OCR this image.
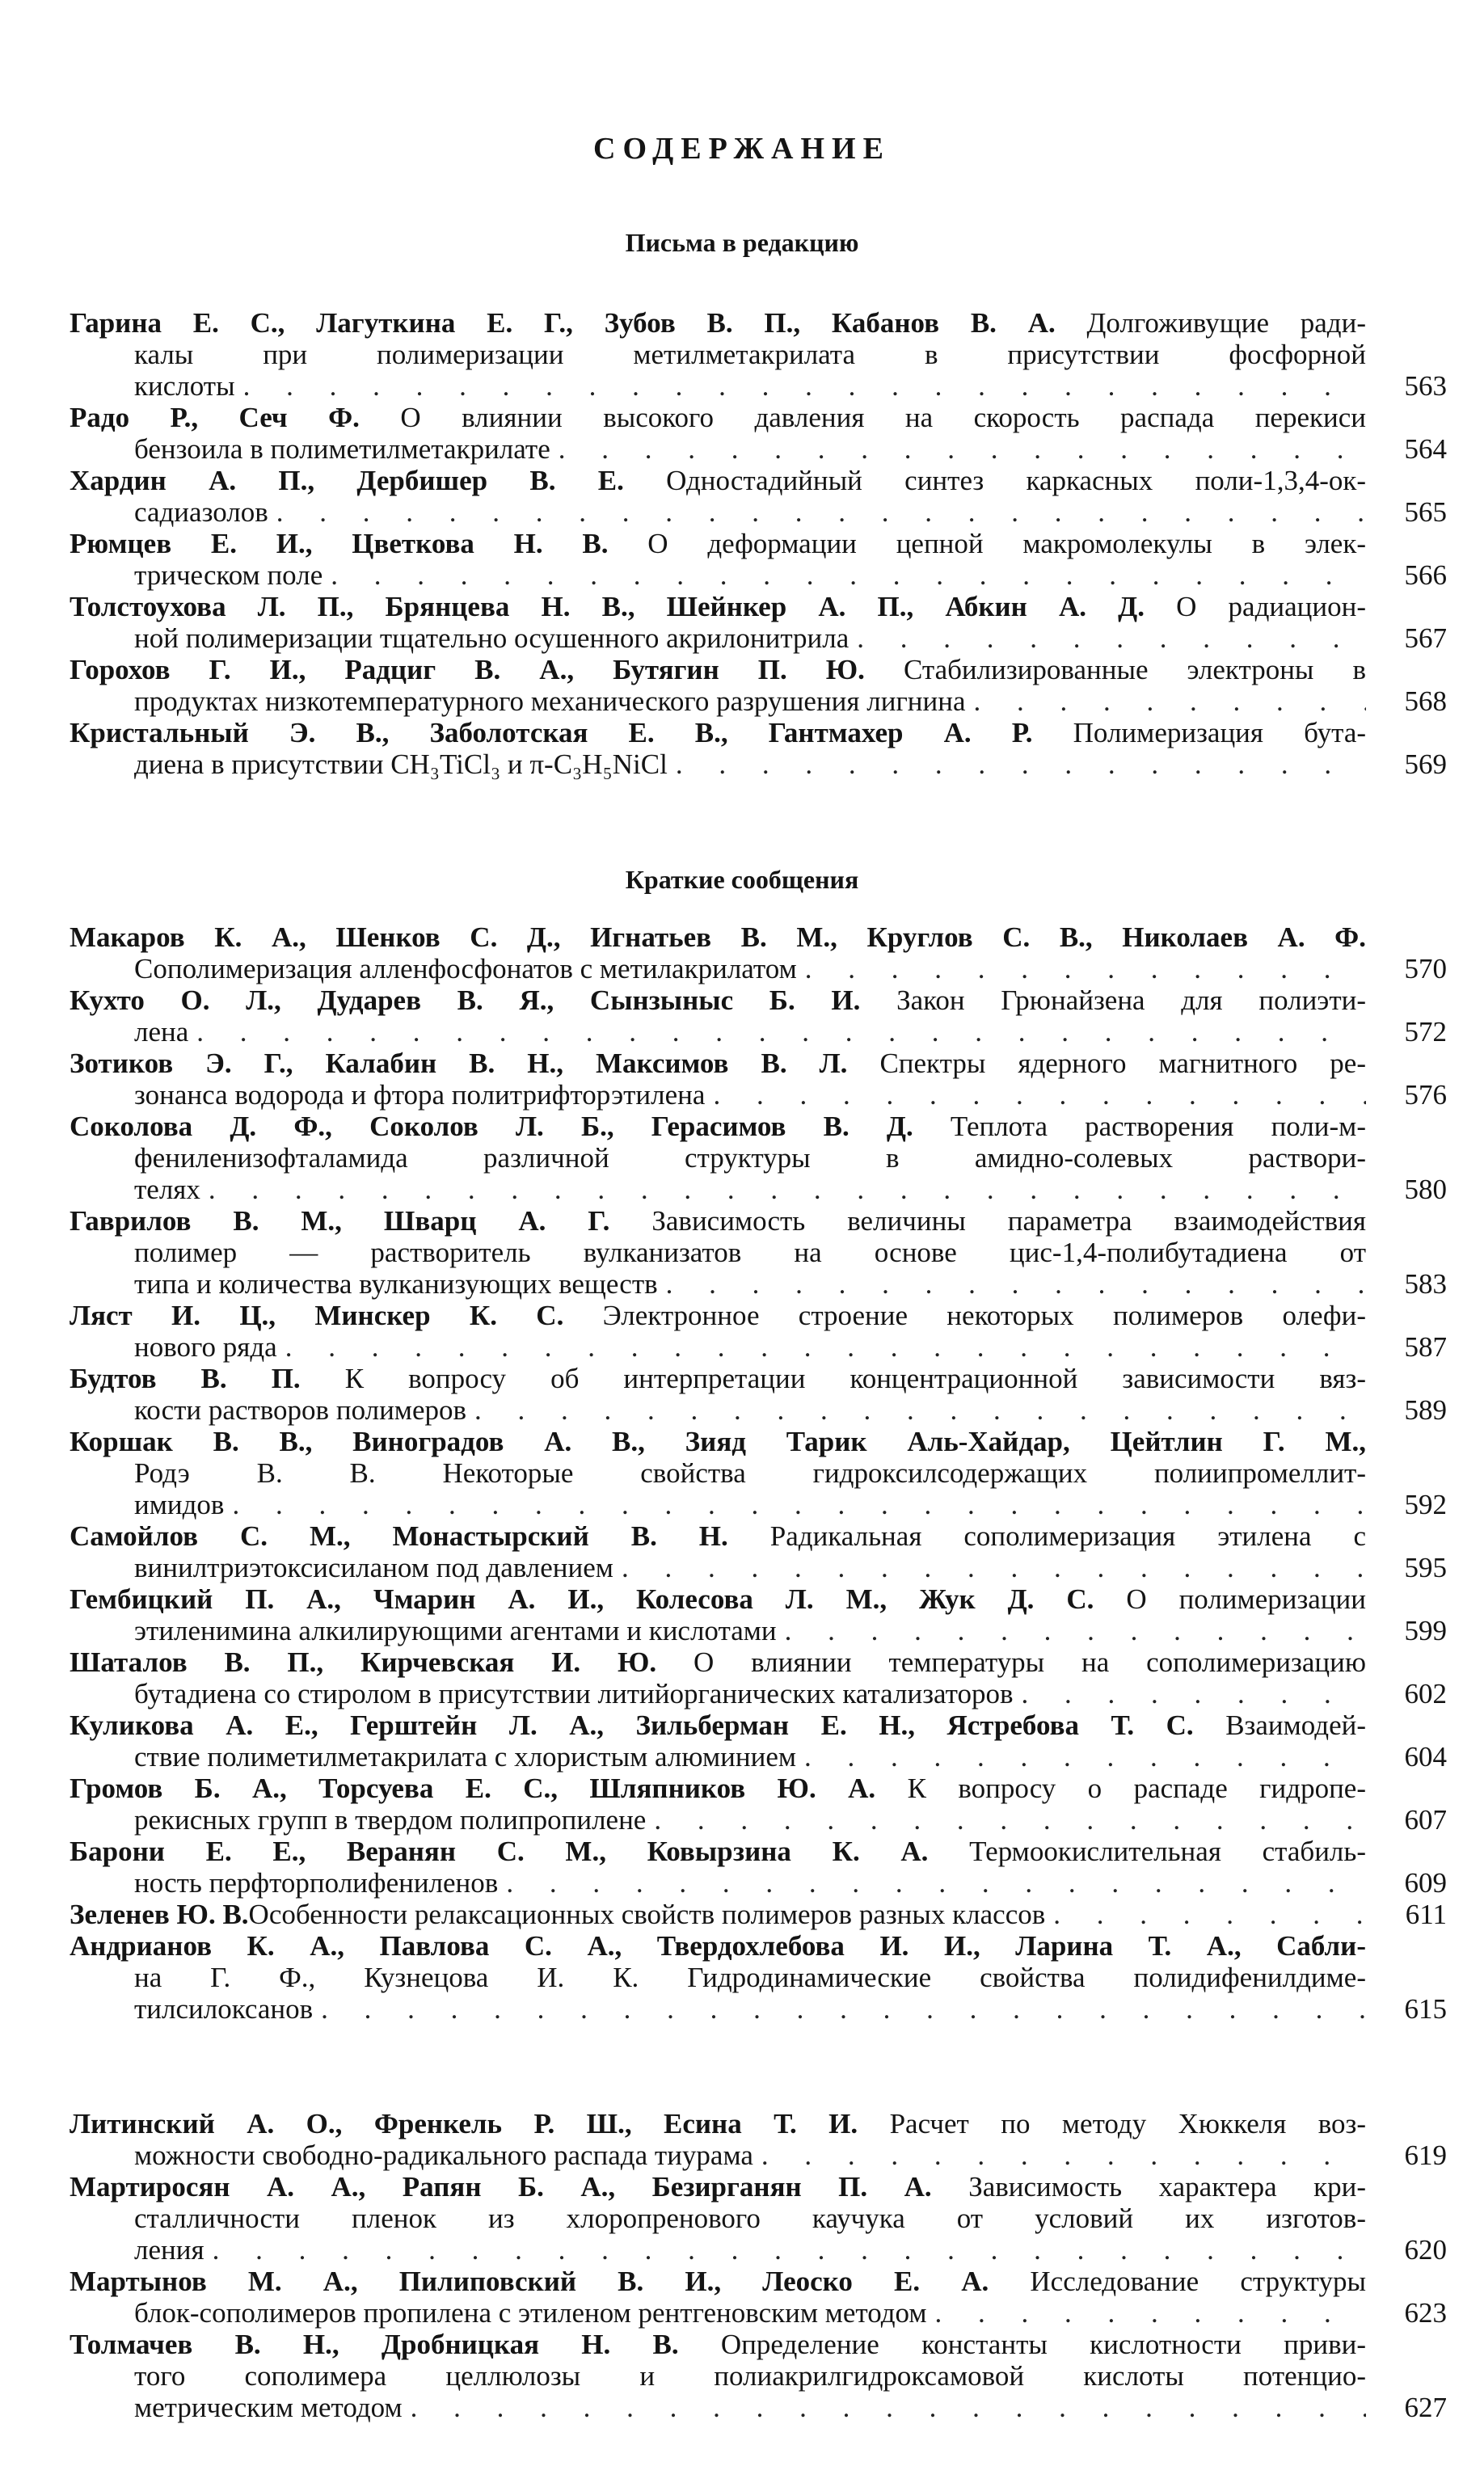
СОДЕРЖАНИЕ
Письма в редакцию
Гарина Е. С., Лагуткина Е. Г., Зубов В. П., Кабанов В. А. Долгоживущие ради-
калы при полимеризации метилметакрилата в присутствии фосфорной
кислоты . . .	563
Радо Р., Сеч Ф. О влиянии высокого давления на скорость распада перекиси
бензоила в полиметилметакрилате . . .	564
Хардин А. П., Дербишер В. Е. Одностадийный синтез каркасных поли-1,3,4-ок-
садиазолов . . .	565
Рюмцев Е. И., Цветкова Н. В. О деформации цепной макромолекулы в элек-
трическом поле . . .	566
Толстоухова Л. П., Брянцева Н. В., Шейнкер А. П., Абкин А. Д. О радиацион-
ной полимеризации тщательно осушенного акрилонитрила . . .	567
Горохов Г. И., Радциг В. А., Бутягин П. Ю. Стабилизированные электроны в
продуктах низкотемпературного механического разрушения лигнина . . .	568
Кристальный Э. В., Заболотская Е. В., Гантмахер А. Р. Полимеризация бута-
диена в присутствии CH₃TiCl₃ и π-C₃H₅NiCl . . .	569
Краткие сообщения
Макаров К. А., Шенков С. Д., Игнатьев В. М., Круглов С. В., Николаев А. Ф.
Сополимеризация алленфосфонатов с метилакрилатом . . .	570
Кухто О. Л., Дударев В. Я., Сынзыныс Б. И. Закон Грюнайзена для полиэти-
лена . . .	572
Зотиков Э. Г., Калабин В. Н., Максимов В. Л. Спектры ядерного магнитного ре-
зонанса водорода и фтора политрифторэтилена . . .	576
Соколова Д. Ф., Соколов Л. Б., Герасимов В. Д. Теплота растворения поли-м-
фениленизофталамида различной структуры в амидно-солевых раствори-
телях . . .	580
Гаврилов В. М., Шварц А. Г. Зависимость величины параметра взаимодействия
полимер — растворитель вулканизатов на основе цис-1,4-полибутадиена от
типа и количества вулканизующих веществ . . .	583
Ляст И. Ц., Минскер К. С. Электронное строение некоторых полимеров олефи-
нового ряда . . .	587
Будтов В. П. К вопросу об интерпретации концентрационной зависимости вяз-
кости растворов полимеров . . .	589
Коршак В. В., Виноградов А. В., Зияд Тарик Аль-Хайдар, Цейтлин Г. М.,
Родэ В. В. Некоторые свойства гидроксилсодержащих полиипромеллит-
имидов . . .	592
Самойлов С. М., Монастырский В. Н. Радикальная сополимеризация этилена с
винилтриэтоксисиланом под давлением . . .	595
Гембицкий П. А., Чмарин А. И., Колесова Л. М., Жук Д. С. О полимеризации
этиленимина алкилирующими агентами и кислотами . . .	599
Шаталов В. П., Кирчевская И. Ю. О влиянии температуры на сополимеризацию
бутадиена со стиролом в присутствии литийорганических катализаторов . . .	602
Куликова А. Е., Герштейн Л. А., Зильберман Е. Н., Ястребова Т. С. Взаимодей-
ствие полиметилметакрилата с хлористым алюминием . . .	604
Громов Б. А., Торсуева Е. С., Шляпников Ю. А. К вопросу о распаде гидропе-
рекисных групп в твердом полипропилене . . .	607
Барони Е. Е., Веранян С. М., Ковырзина К. А. Термоокислительная стабиль-
ность перфторполифениленов . . .	609
Зеленев Ю. В. Особенности релаксационных свойств полимеров разных классов . . .	611
Андрианов К. А., Павлова С. А., Твердохлебова И. И., Ларина Т. А., Сабли-
на Г. Ф., Кузнецова И. К. Гидродинамические свойства полидифенилдиме-
тилсилоксанов . . .	615
Литинский А. О., Френкель Р. Ш., Есина Т. И. Расчет по методу Хюккеля воз-
можности свободно-радикального распада тиурама . . .	619
Мартиросян А. А., Рапян Б. А., Безирганян П. А. Зависимость характера кри-
сталличности пленок из хлоропренового каучука от условий их изготов-
ления . . .	620
Мартынов М. А., Пилиповский В. И., Леоско Е. А. Исследование структуры
блок-сополимеров пропилена с этиленом рентгеновским методом . . .	623
Толмачев В. Н., Дробницкая Н. В. Определение константы кислотности приви-
того сополимера целлюлозы и полиакрилгидроксамовой кислоты потенцио-
метрическим методом . . .	627
